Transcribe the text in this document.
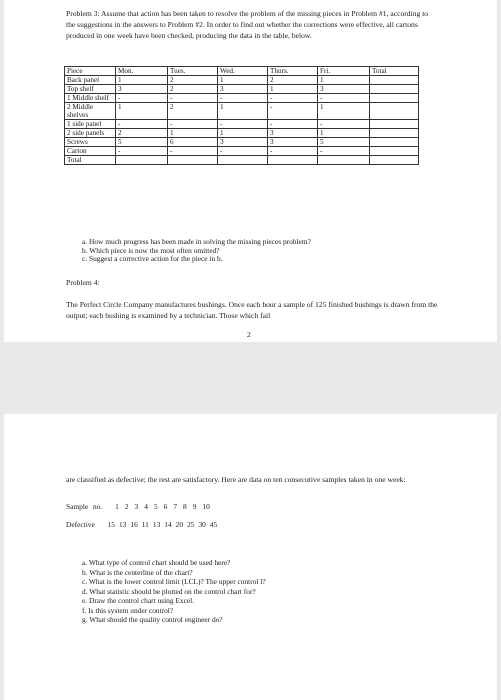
Problem 3: Assume that action has been taken to resolve the problem of the missing pieces in Problem #1, according to the suggestions in the answers to Problem #2. In order to find out whether the corrections were effective, all cartons produced in one week have been checked, producing the data in the table, below.

Piece	Mon.	Tues.	Wed.	Thurs.	Fri.	Total
Back panel	1	2	1	2	1	
Top shelf	3	2	3	1	3	
1 Middle shelf	-	-	-	-	-	
2 Middle shelves	1	2	1	-	1	
1 side panel	-	-	-	-	-	
2 side panels	2	1	1	3	1	
Screws	5	6	3	3	5	
Carton	-	-	-	-	-	
Total						
a. How much progress has been made in solving the missing pieces problem?
b. Which piece is now the most often omitted?
c. Suggest a corrective action for the piece in b.

Problem 4:

The Perfect Circle Company manufactures bushings. Once each hour a sample of 125 finished bushings is drawn from the output; each bushing is examined by a technician. Those which fail

2

are classified as defective; the rest are satisfactory. Here are data on ten consecutive samples taken in one week:

Sample no. 1 2 3 4 5 6 7 8 9 10
Defective 15 13 16 11 13 14 20 25 30 45
a. What type of control chart should be used here?
b. What is the centerline of the chart?
c. What is the lower control limit (LCL)? The upper control l?
d. What statistic should be plotted on the control chart for?
e. Draw the control chart using Excel.
f. Is this system under control?
g. What should the quality control engineer do?
